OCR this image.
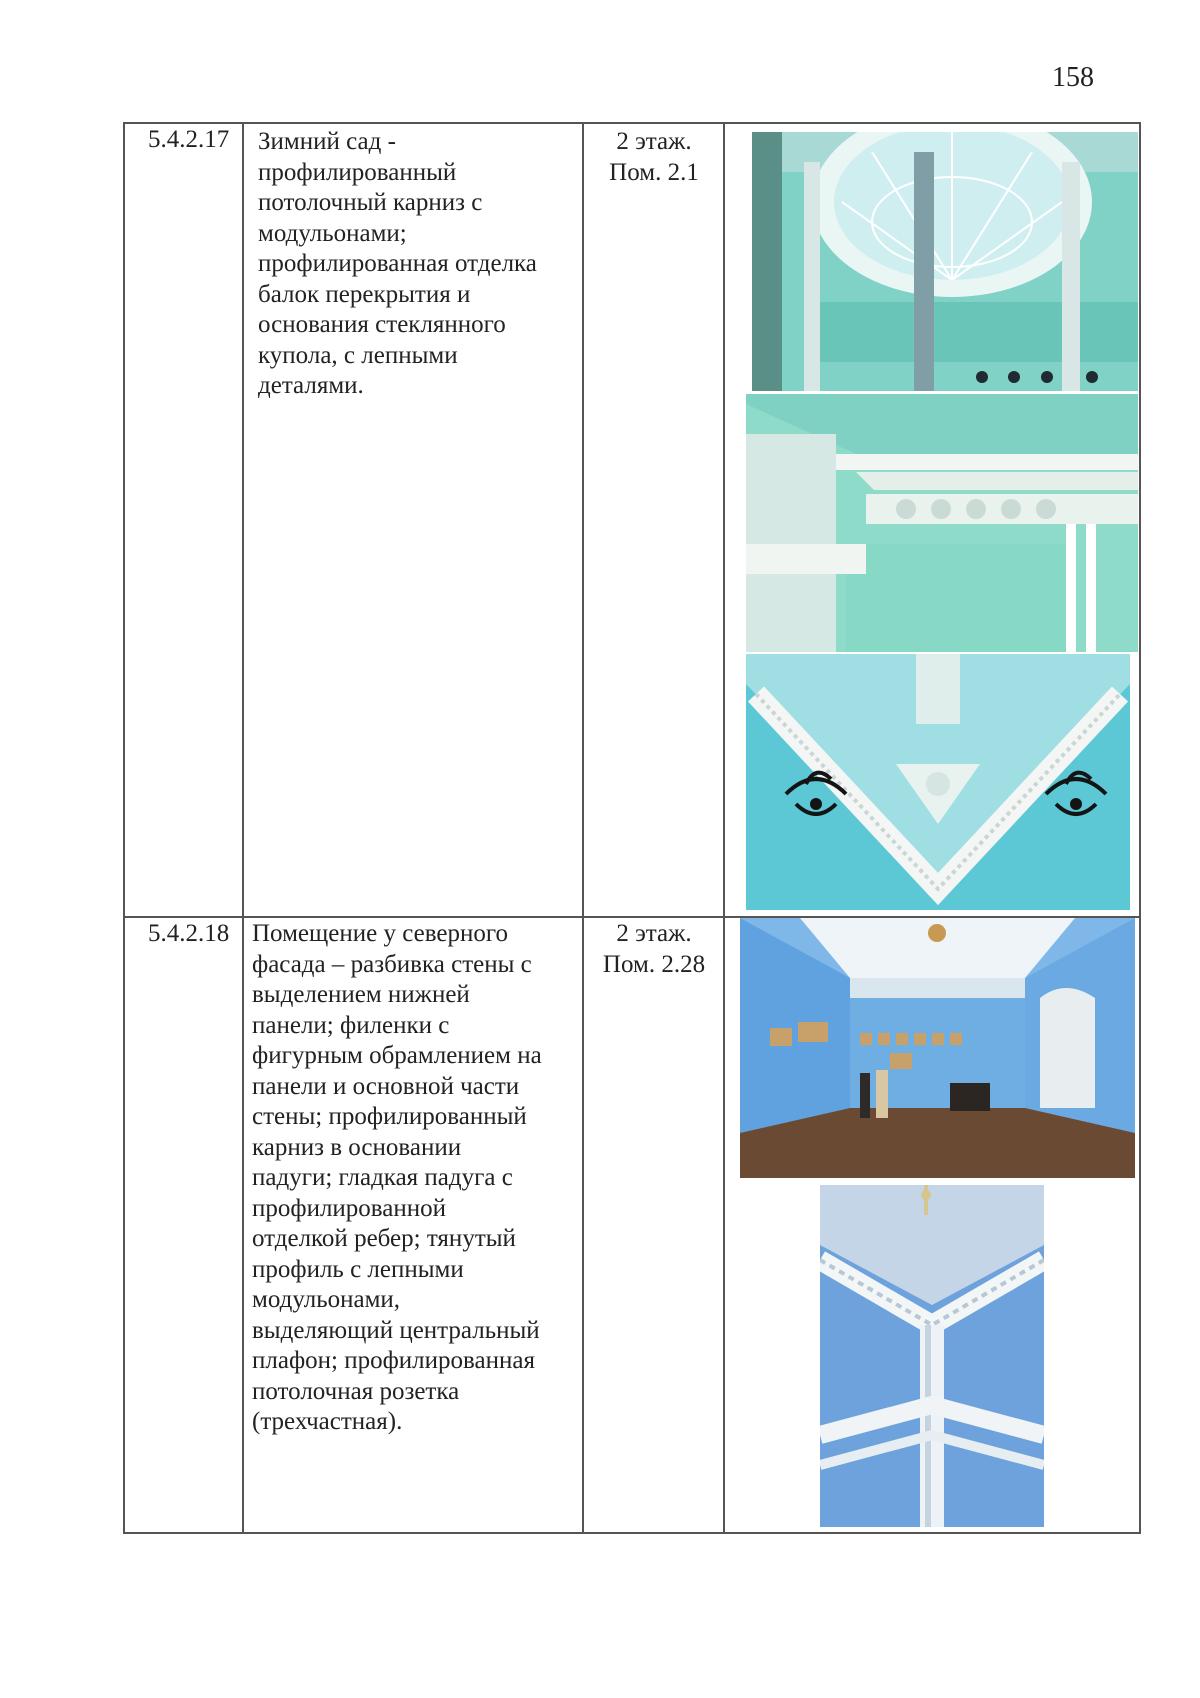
158
5.4.2.17 Зимний сад -
профилированный
потолочный карниз с
модульонами;
профилированная отделка
балок перекрытия и
основания стеклянного
купола, с лепными
деталями.
2 этаж.
Пом. 2.1
5.4.2.18 Помещение у северного
фасада – разбивка стены с
выделением нижней
панели; филенки с
фигурным обрамлением на
панели и основной части
стены; профилированный
карниз в основании
падуги; гладкая падуга с
профилированной
отделкой ребер; тянутый
профиль с лепными
модульонами,
выделяющий центральный
плафон; профилированная
потолочная розетка
(трехчастная).
2 этаж.
Пом. 2.28
